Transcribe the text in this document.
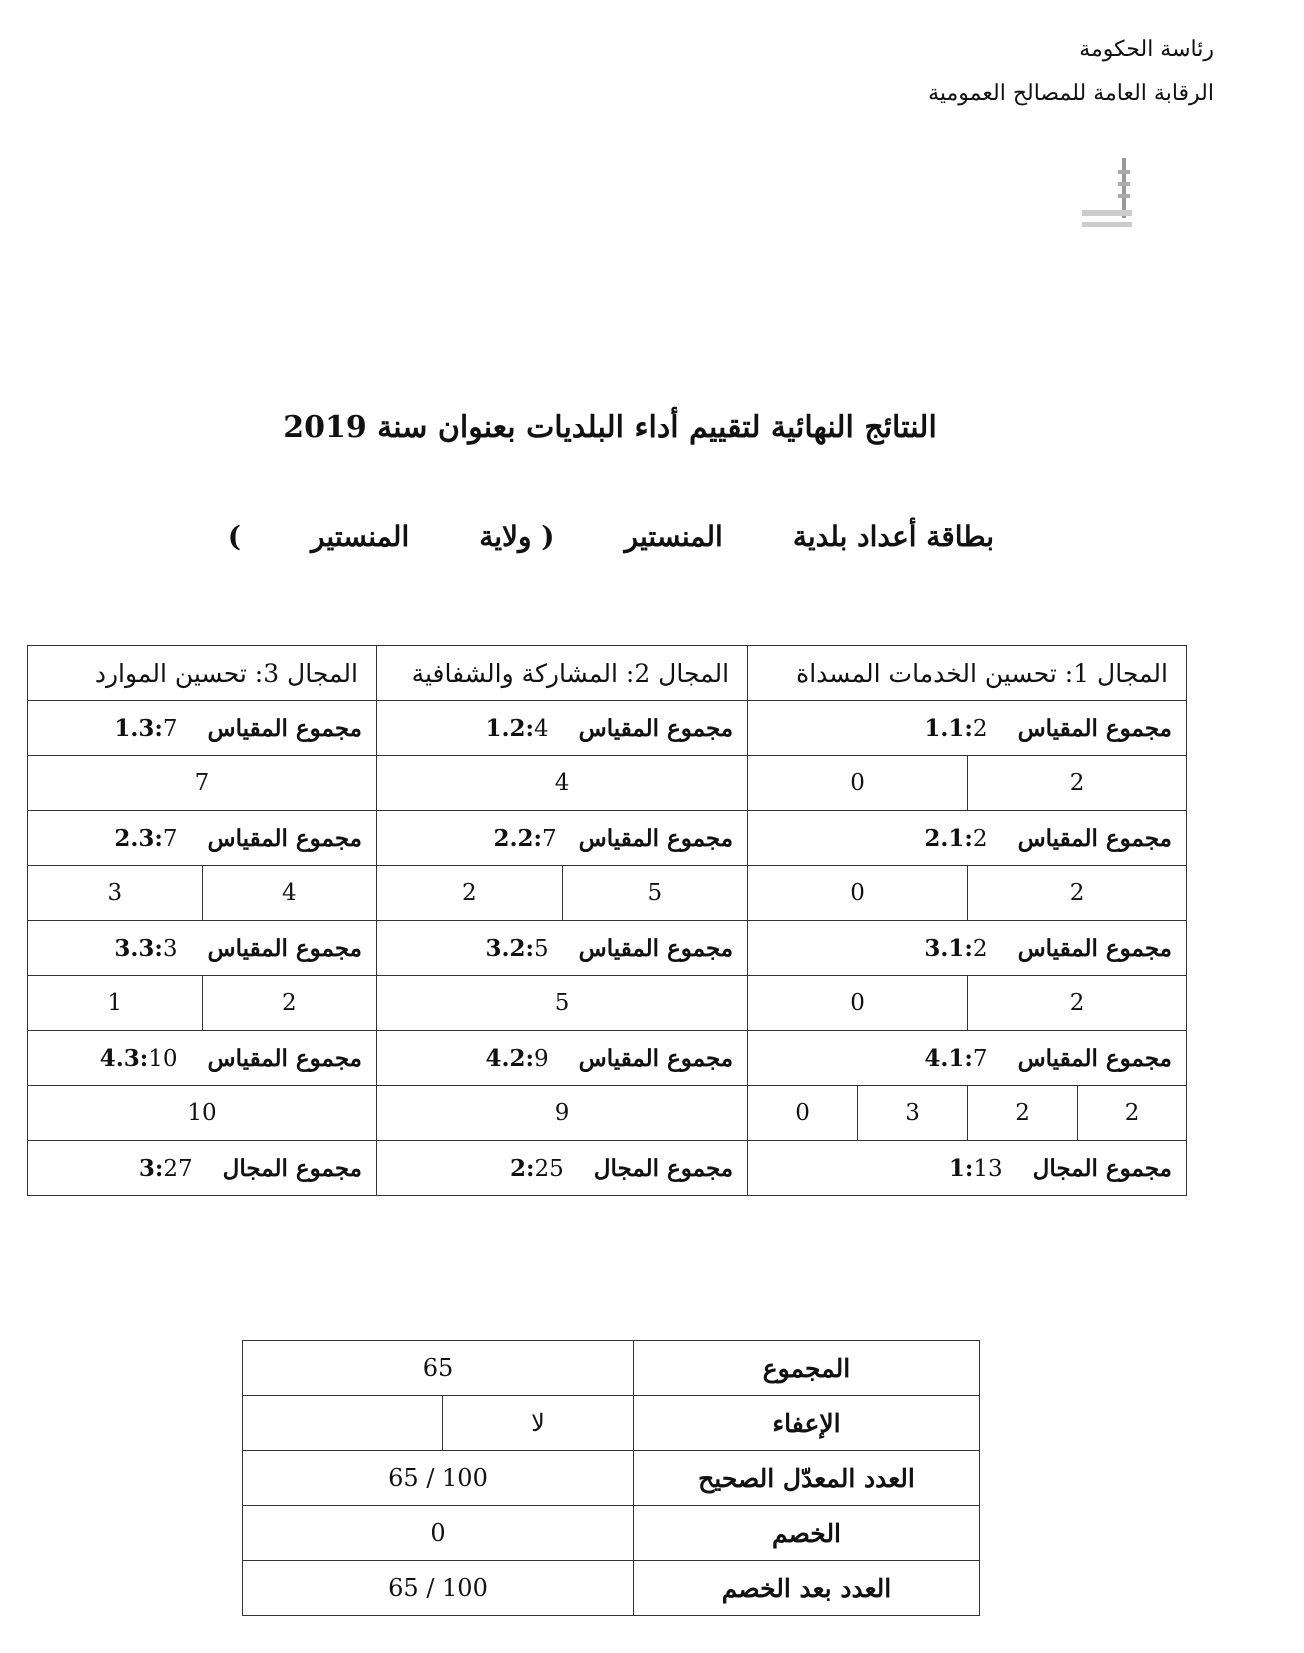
رئاسة الحكومة
الرقابة العامة للمصالح العمومية
النتائج النهائية لتقييم أداء البلديات بعنوان سنة 2019
بطاقة أعداد بلدية
المنستير
( ولاية
المنستير
)
المجال 1: تحسين الخدمات المسداة				المجال 2: المشاركة والشفافية		المجال 3: تحسين الموارد	
مجموع المقياس 1.1:2				مجموع المقياس 1.2:4		مجموع المقياس 1.3:7	
2		0		4		7	
مجموع المقياس 2.1:2				مجموع المقياس2.2:7		مجموع المقياس 2.3:7	
2		0		5	2	4	3
مجموع المقياس 3.1:2				مجموع المقياس 3.2:5		مجموع المقياس 3.3:3	
2		0		5		2	1
مجموع المقياس 4.1:7				مجموع المقياس 4.2:9		مجموع المقياس 4.3:10	
2	2	3	0	9		10	
مجموع المجال 1:13				مجموع المجال 2:25		مجموع المجال 3:27	
المجموع	65	
الإعفاء	لا	
العدد المعدّل الصحيح	100 / 65	
الخصم	0	
العدد بعد الخصم	100 / 65	
